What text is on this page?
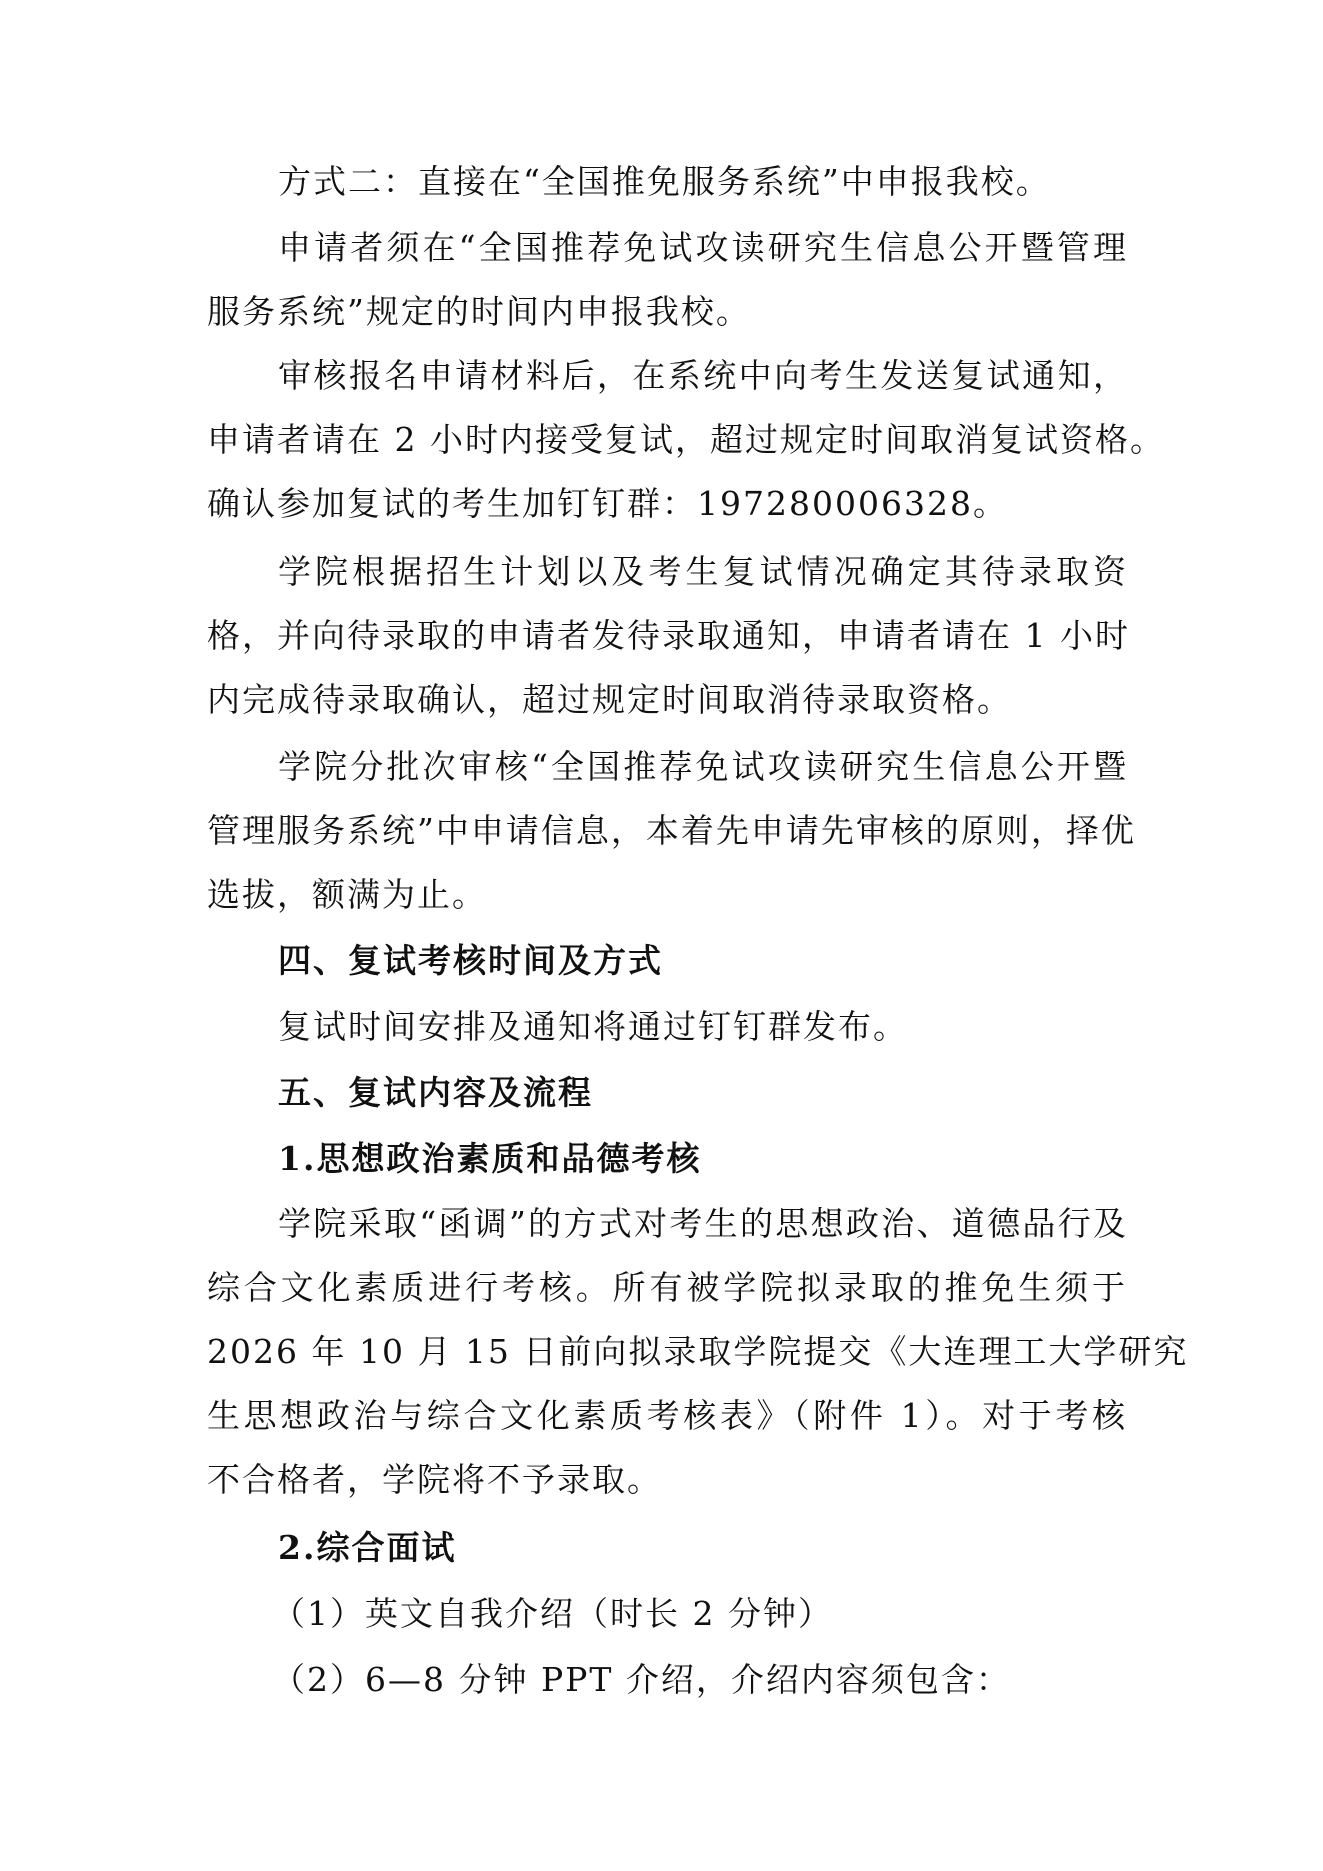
方式二：直接在“全国推免服务系统”中申报我校。
申请者须在“全国推荐免试攻读研究生信息公开暨管理
服务系统”规定的时间内申报我校。
审核报名申请材料后，在系统中向考生发送复试通知，
申请者请在 2 小时内接受复试，超过规定时间取消复试资格。
确认参加复试的考生加钉钉群：197280006328。
学院根据招生计划以及考生复试情况确定其待录取资
格，并向待录取的申请者发待录取通知，申请者请在 1 小时
内完成待录取确认，超过规定时间取消待录取资格。
学院分批次审核“全国推荐免试攻读研究生信息公开暨
管理服务系统”中申请信息，本着先申请先审核的原则，择优
选拔，额满为止。
四、复试考核时间及方式
复试时间安排及通知将通过钉钉群发布。
五、复试内容及流程
1.思想政治素质和品德考核
学院采取“函调”的方式对考生的思想政治、道德品行及
综合文化素质进行考核。所有被学院拟录取的推免生须于
2026 年 10 月 15 日前向拟录取学院提交《大连理工大学研究
生思想政治与综合文化素质考核表》（附件 1）。对于考核
不合格者，学院将不予录取。
2.综合面试
（1）英文自我介绍（时长 2 分钟）
（2）6—8 分钟 PPT 介绍，介绍内容须包含：
